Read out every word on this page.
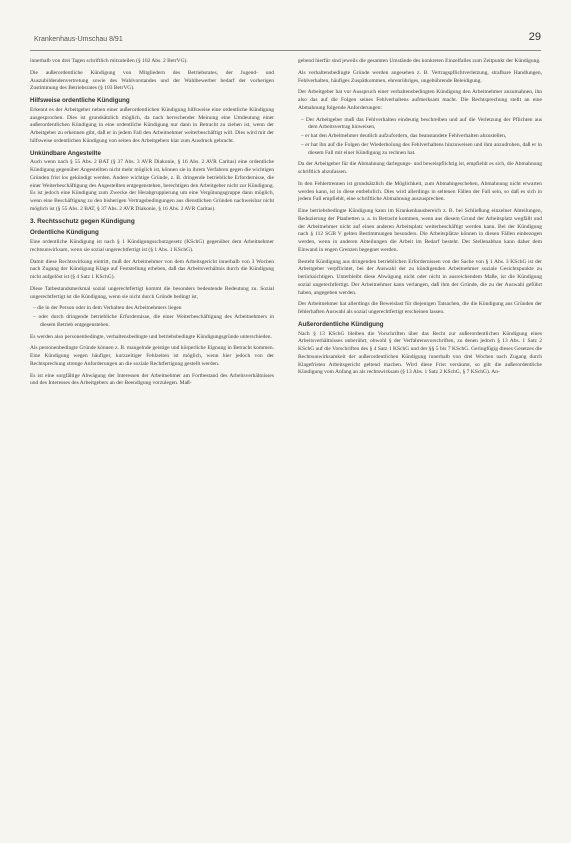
Krankenhaus-Umschau 8/91	29

innerhalb von drei Tagen schriftlich mitzuteilen (§ 102 Abs. 2 BetrVG).

Die außerordentliche Kündigung von Mitgliedern des Betriebsrates, der Jugend- und Auszubildendenvertretung sowie des Wahlvorstandes und der Wahlbewerber bedarf der vorherigen Zustimmung des Betriebsrates (§ 103 BetrVG).

Hilfsweise ordentliche Kündigung

Erkennt es der Arbeitgeber neben einer außerordentlichen Kündigung hilfsweise eine ordentliche Kündigung ausgesprochen. Dies ist grundsätzlich möglich, da nach herrschender Meinung eine Umdeutung einer außerordentlichen Kündigung in eine ordentliche Kündigung nur dann in Betracht zu ziehen ist, wenn der Arbeitgeber zu erkennen gibt, daß er in jedem Fall den Arbeitnehmer weiterbeschäftigt will. Dies wird mit der hilfsweise ordentlichen Kündigung von seiten des Arbeitgebers klar zum Ausdruck gebracht.

Unkündbare Angestellte

Auch wenn nach § 55 Abs. 2 BAT (§ 37 Abs. 3 AVR Diakonie, § 16 Abs. 2 AVR Caritas) eine ordentliche Kündigung gegenüber Angestellten nicht mehr möglich ist, können sie in ihrem Verfahren gegen die wichtigen Gründen frist los gekündigt werden. Andere wichtige Gründe, z. B. dringende betriebliche Erfordernisse, die einer Weiterbeschäftigung des Angestellten entgegenstehen, berechtigen den Arbeitgeber nicht zur Kündigung. Es ist jedoch eine Kündigung zum Zwecke der Herabgruppierung um eine Vergütungsgruppe dann möglich, wenn eine Beschäftigung zu den bisherigen Vertragsbedingungen aus dienstlichen Gründen nachweisbar nicht möglich ist (§ 55 Abs. 2 BAT, § 37 Abs. 2 AVR Diakonie, § 16 Abs. 2 AVR Caritas).

3. Rechtsschutz gegen Kündigung

Ordentliche Kündigung

Eine ordentliche Kündigung ist nach § 1 Kündigungsschutzgesetz (KSchG) gegenüber dem Arbeitnehmer rechtsunwirksam, wenn sie sozial ungerechtfertigt ist (§ 1 Abs. 1 KSchG).

Damit diese Rechtswirkung eintritt, muß der Arbeitnehmer von dem Arbeitsgericht innerhalb von 3 Wochen nach Zugang der Kündigung Klage auf Feststellung erheben, daß das Arbeitsverhältnis durch die Kündigung nicht aufgelöst ist (§ 4 Satz 1 KSchG).

Diese Tatbestandsmerkmal sozial ungerechtfertigt kommt die besonders bedeutende Bedeutung zu. Sozial ungerechtfertigt ist die Kündigung, wenn sie nicht durch Gründe bedingt ist,

– die in der Person oder in dem Verhalten des Arbeitnehmers liegen

– oder durch dringende betriebliche Erfordernisse, die einer Weiterbeschäftigung des Arbeitnehmers in diesem Betrieb entgegenstehen.

Es werden also personenbedingte, verhaltensbedingte und betriebsbedingte Kündigungsgründe unterschieden.

Als personenbedingte Gründe können z. B. mangelnde geistige und körperliche Eignung in Betracht kommen. Eine Kündigung wegen häufiger, kurzzeitiger Fehlzeiten ist möglich, wenn hier jedoch von der Rechtsprechung strenge Anforderungen an die soziale Rechtfertigung gestellt werden.

Es ist eine sorgfältige Abwägung der Interessen der Arbeitnehmer am Fortbestand des Arbeitsverhältnisses und des Interesses des Arbeitgebers an der Beendigung vorzulegen. Maß-

gebend hierfür sind jeweils die gesamten Umstände des konkreten Einzelfalles zum Zeitpunkt der Kündigung.

Als verhaltensbedingte Gründe werden angesehen z. B. Vertragspflichtverletzung, strafbare Handlungen, Fehlverhalten, häufiges Zuspätkommen, ehrenrühriges, ungebührende Beleidigung.

Der Arbeitgeber hat vor Ausspruch einer verhaltensbedingten Kündigung den Arbeitnehmer anzumahnen, ihn also das auf die Folgen seines Fehlverhaltens aufmerksam macht. Die Rechtsprechung stellt an eine Abmahnung folgende Anforderungen:

– Der Arbeitgeber muß das Fehlverhalten eindeutig beschreiben und auf die Verletzung der Pflichten aus dem Arbeitsvertrag hinweisen,

– er hat den Arbeitnehmer deutlich aufzufordern, das beanstandete Fehlverhalten abzustellen,

– er hat ihn auf die Folgen der Wiederholung des Fehlverhaltens hinzuweisen und ihm anzudrohen, daß er in diesem Fall mit einer Kündigung zu rechnen hat.

Da der Arbeitgeber für die Abmahnung darlegungs- und beweispflichtig ist, empfiehlt es sich, die Abmahnung schriftlich abzufassen.

In den Fehlertrennen ist grundsätzlich die Möglichkeit, zum Abmahngeschehen, Abmahnung nicht erwarten werden kann, ist in diese entbehrlich. Dies wird allerdings in seltenen Fällen der Fall sein, so daß es sich in jedem Fall empfiehlt, eine schriftliche Abmahnung auszusprechen.

Eine betriebsbedingte Kündigung kann im Krankenhausbereich z. B. bei Schließung einzelner Abteilungen, Reduzierung der Planbetten u. a. in Betracht kommen, wenn aus diesem Grund der Arbeitsplatz wegfällt und der Arbeitnehmer nicht auf einen anderen Arbeitsplatz weiterbeschäftigt werden kann. Bei der Kündigung nach § 112 SGB V gelten Bestimmungen besonders. Die Arbeitsplätze können in diesen Fällen einbezogen werden, wenn in anderen Abteilungen die Arbeit im Bedarf besteht. Der Stellenabbau kann daher dem Einwand in engen Grenzen begegnet werden.

Besteht Kündigung aus dringenden betrieblichen Erfordernissen von der Sache von § 1 Abs. 3 KSchG ist der Arbeitgeber verpflichtet, bei der Auswahl der zu kündigenden Arbeitnehmer soziale Gesichtspunkte zu berücksichtigen. Unterbleibt diese Abwägung nicht oder nicht in ausreichendem Maße, ist die Kündigung sozial ungerechtfertigt. Der Arbeitnehmer kann verlangen, daß ihm der Gründe, die zu der Auswahl geführt haben, angegeben werden.

Der Arbeitnehmer hat allerdings die Beweislast für diejenigen Tatsachen, die die Kündigung aus Gründen der fehlerhaften Auswahl als sozial ungerechtfertigt erscheinen lassen.

Außerordentliche Kündigung

Nach § 13 KSchG bleiben die Vorschriften über das Recht zur außerordentlichen Kündigung eines Arbeitsverhältnisses unberührt, obwohl § der Verfahrensvorschriften, zu denen jedoch § 13 Abs. 1 Satz 2 KSchG auf die Vorschriften des § 4 Satz 1 KSchG und der §§ 5 bis 7 KSchG. Geringfügig dieses Gesetzes die Rechtsunwirksamkeit der außerordentlichen Kündigung innerhalb von drei Wochen nach Zugang durch Klagefristen Arbeitsgericht geltend machen. Wird diese Frist versäumt, so gilt die außerordentliche Kündigung vom Anfang an als rechtswirksam (§ 13 Abs. 1 Satz 2 KSchG, § 7 KSchG). An-
